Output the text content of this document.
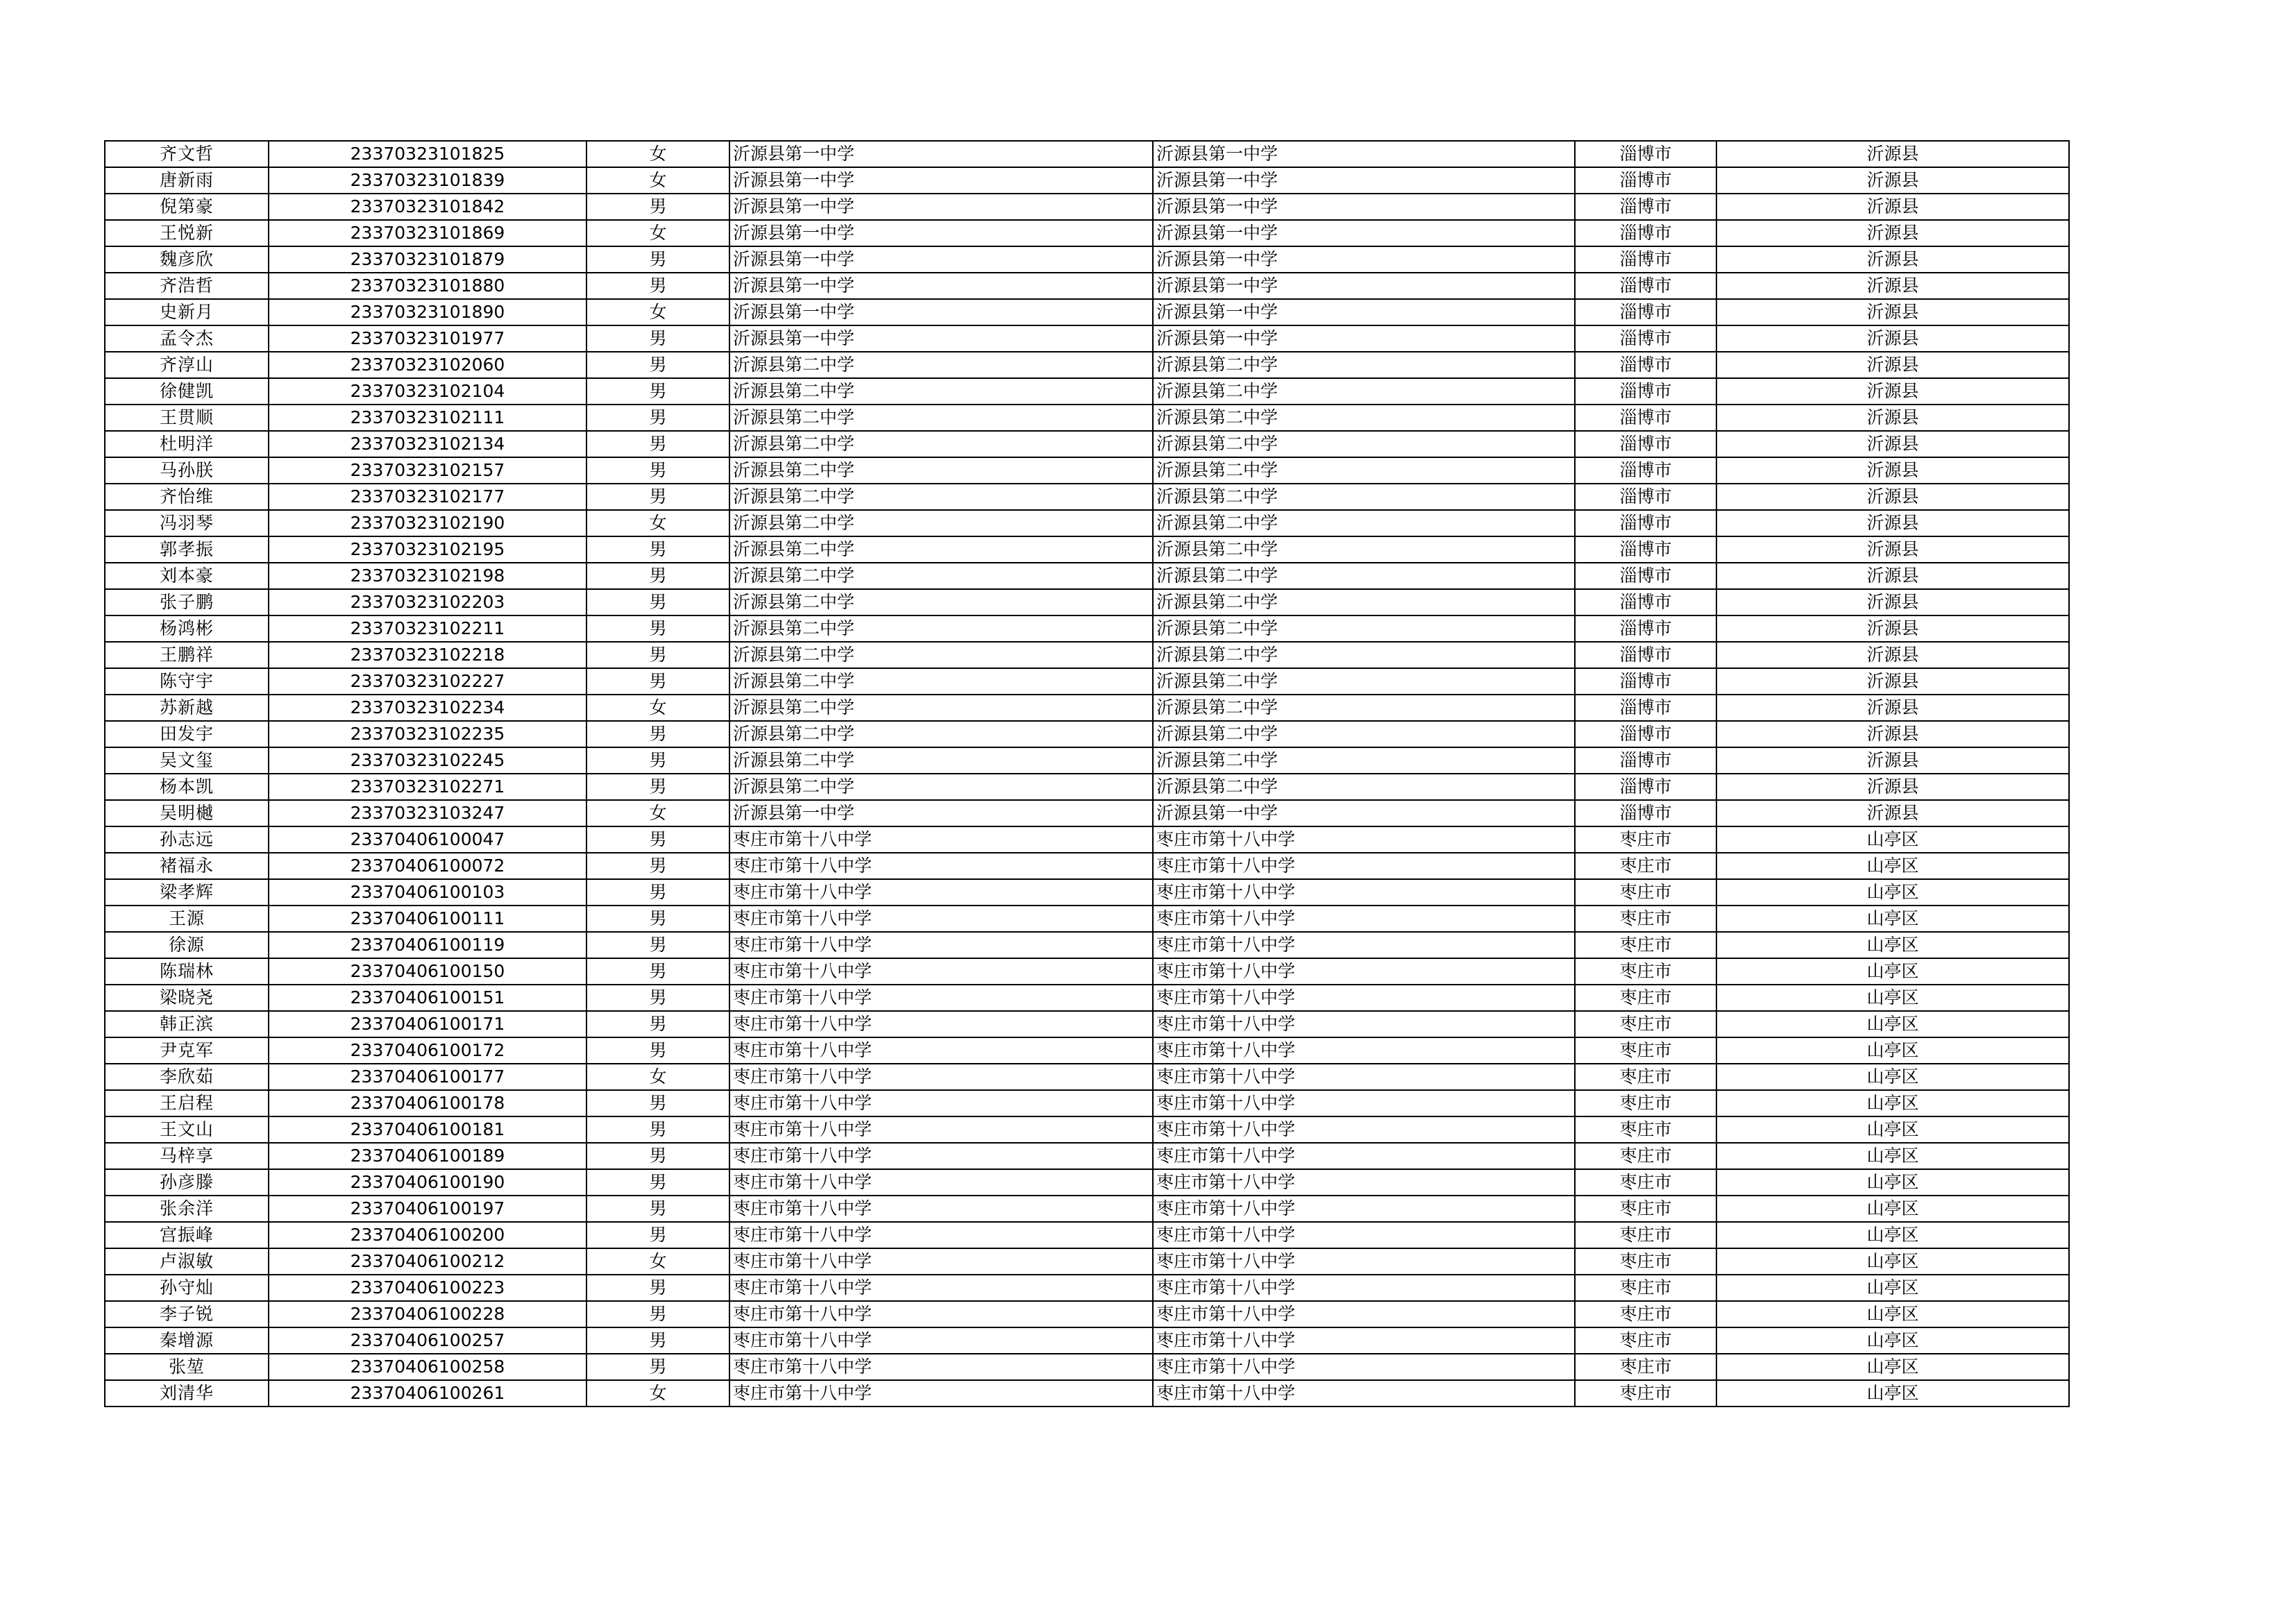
齐文哲	23370323101825	女	沂源县第一中学	沂源县第一中学	淄博市	沂源县
唐新雨	23370323101839	女	沂源县第一中学	沂源县第一中学	淄博市	沂源县
倪第豪	23370323101842	男	沂源县第一中学	沂源县第一中学	淄博市	沂源县
王悦新	23370323101869	女	沂源县第一中学	沂源县第一中学	淄博市	沂源县
魏彦欣	23370323101879	男	沂源县第一中学	沂源县第一中学	淄博市	沂源县
齐浩哲	23370323101880	男	沂源县第一中学	沂源县第一中学	淄博市	沂源县
史新月	23370323101890	女	沂源县第一中学	沂源县第一中学	淄博市	沂源县
孟令杰	23370323101977	男	沂源县第一中学	沂源县第一中学	淄博市	沂源县
齐淳山	23370323102060	男	沂源县第二中学	沂源县第二中学	淄博市	沂源县
徐健凯	23370323102104	男	沂源县第二中学	沂源县第二中学	淄博市	沂源县
王贯顺	23370323102111	男	沂源县第二中学	沂源县第二中学	淄博市	沂源县
杜明洋	23370323102134	男	沂源县第二中学	沂源县第二中学	淄博市	沂源县
马孙朕	23370323102157	男	沂源县第二中学	沂源县第二中学	淄博市	沂源县
齐怡维	23370323102177	男	沂源县第二中学	沂源县第二中学	淄博市	沂源县
冯羽琴	23370323102190	女	沂源县第二中学	沂源县第二中学	淄博市	沂源县
郭孝振	23370323102195	男	沂源县第二中学	沂源县第二中学	淄博市	沂源县
刘本豪	23370323102198	男	沂源县第二中学	沂源县第二中学	淄博市	沂源县
张子鹏	23370323102203	男	沂源县第二中学	沂源县第二中学	淄博市	沂源县
杨鸿彬	23370323102211	男	沂源县第二中学	沂源县第二中学	淄博市	沂源县
王鹏祥	23370323102218	男	沂源县第二中学	沂源县第二中学	淄博市	沂源县
陈守宇	23370323102227	男	沂源县第二中学	沂源县第二中学	淄博市	沂源县
苏新越	23370323102234	女	沂源县第二中学	沂源县第二中学	淄博市	沂源县
田发宇	23370323102235	男	沂源县第二中学	沂源县第二中学	淄博市	沂源县
吴文玺	23370323102245	男	沂源县第二中学	沂源县第二中学	淄博市	沂源县
杨本凯	23370323102271	男	沂源县第二中学	沂源县第二中学	淄博市	沂源县
吴明樾	23370323103247	女	沂源县第一中学	沂源县第一中学	淄博市	沂源县
孙志远	23370406100047	男	枣庄市第十八中学	枣庄市第十八中学	枣庄市	山亭区
褚福永	23370406100072	男	枣庄市第十八中学	枣庄市第十八中学	枣庄市	山亭区
梁孝辉	23370406100103	男	枣庄市第十八中学	枣庄市第十八中学	枣庄市	山亭区
王源	23370406100111	男	枣庄市第十八中学	枣庄市第十八中学	枣庄市	山亭区
徐源	23370406100119	男	枣庄市第十八中学	枣庄市第十八中学	枣庄市	山亭区
陈瑞林	23370406100150	男	枣庄市第十八中学	枣庄市第十八中学	枣庄市	山亭区
梁晓尧	23370406100151	男	枣庄市第十八中学	枣庄市第十八中学	枣庄市	山亭区
韩正滨	23370406100171	男	枣庄市第十八中学	枣庄市第十八中学	枣庄市	山亭区
尹克军	23370406100172	男	枣庄市第十八中学	枣庄市第十八中学	枣庄市	山亭区
李欣茹	23370406100177	女	枣庄市第十八中学	枣庄市第十八中学	枣庄市	山亭区
王启程	23370406100178	男	枣庄市第十八中学	枣庄市第十八中学	枣庄市	山亭区
王文山	23370406100181	男	枣庄市第十八中学	枣庄市第十八中学	枣庄市	山亭区
马梓享	23370406100189	男	枣庄市第十八中学	枣庄市第十八中学	枣庄市	山亭区
孙彦滕	23370406100190	男	枣庄市第十八中学	枣庄市第十八中学	枣庄市	山亭区
张余洋	23370406100197	男	枣庄市第十八中学	枣庄市第十八中学	枣庄市	山亭区
宫振峰	23370406100200	男	枣庄市第十八中学	枣庄市第十八中学	枣庄市	山亭区
卢淑敏	23370406100212	女	枣庄市第十八中学	枣庄市第十八中学	枣庄市	山亭区
孙守灿	23370406100223	男	枣庄市第十八中学	枣庄市第十八中学	枣庄市	山亭区
李子锐	23370406100228	男	枣庄市第十八中学	枣庄市第十八中学	枣庄市	山亭区
秦增源	23370406100257	男	枣庄市第十八中学	枣庄市第十八中学	枣庄市	山亭区
张堃	23370406100258	男	枣庄市第十八中学	枣庄市第十八中学	枣庄市	山亭区
刘清华	23370406100261	女	枣庄市第十八中学	枣庄市第十八中学	枣庄市	山亭区
